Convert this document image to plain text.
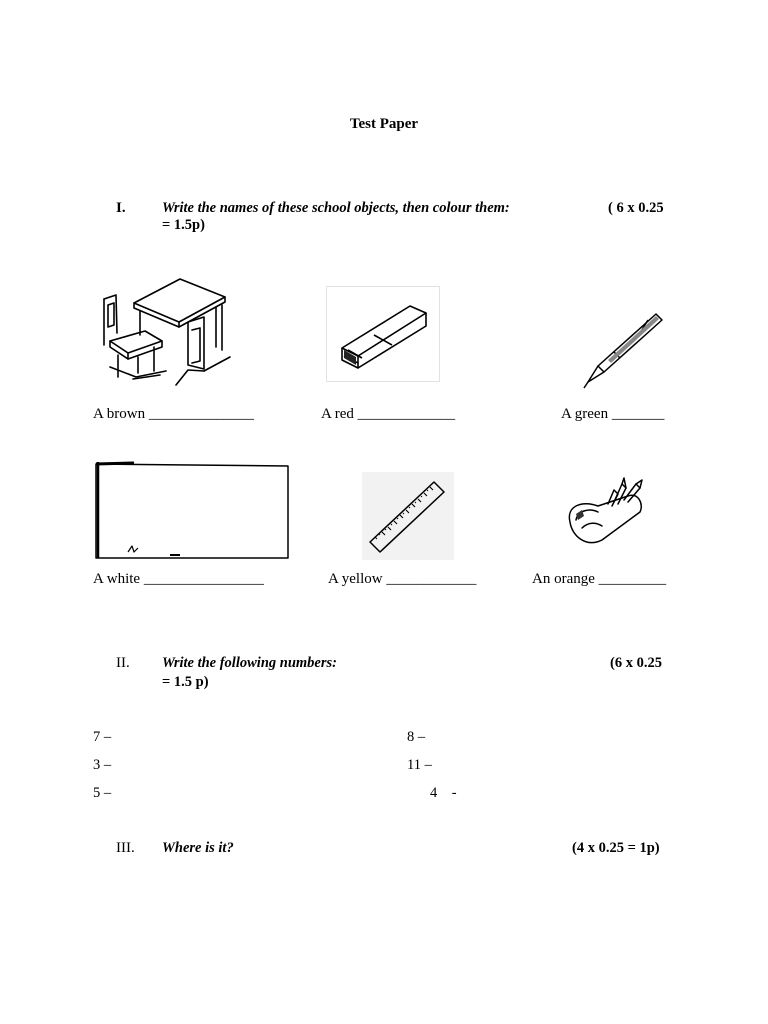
Test Paper
I.	Write the names of these school objects, then colour them:	( 6 x 0.25
= 1.5p)
A brown ______________	A red _____________	A green _______
A white ________________	A yellow ____________	An orange _________
II. Write the following numbers:	(6 x 0.25
= 1.5 p)
7 –	8 –
3 –	11 –
5 –	4    -
III. Where is it?	(4 x 0.25 = 1p)
